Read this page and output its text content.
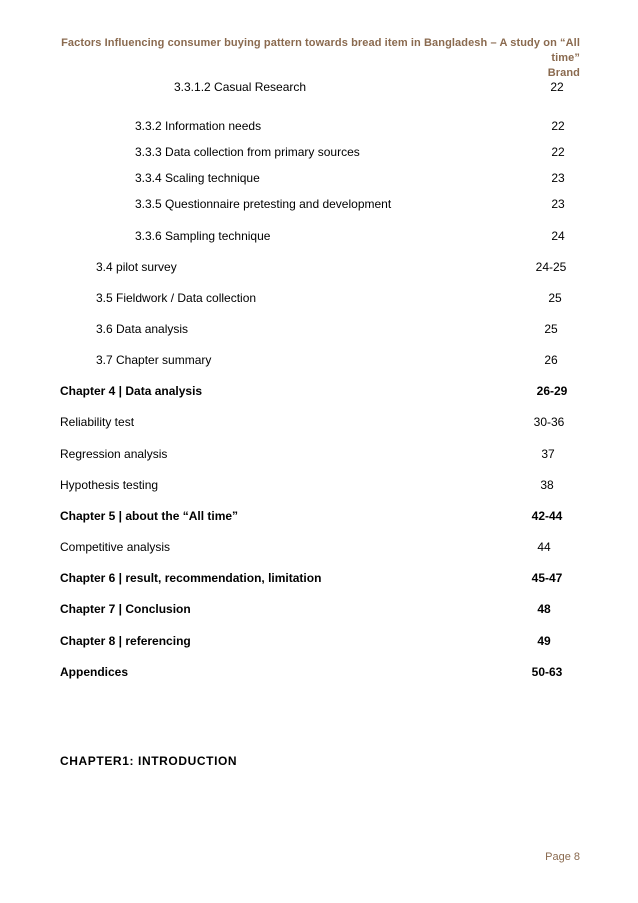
Factors Influencing consumer buying pattern towards bread item in Bangladesh – A study on “All time”
Brand
3.3.1.2 Casual Research	22
3.3.2 Information needs	22
3.3.3 Data collection from primary sources	22
3.3.4 Scaling technique	23
3.3.5 Questionnaire pretesting and development	23
3.3.6 Sampling technique	24
3.4 pilot survey	24-25
3.5 Fieldwork / Data collection	25
3.6 Data analysis	25
3.7 Chapter summary	26
Chapter 4 | Data analysis	26-29
Reliability test	30-36
Regression analysis	37
Hypothesis testing	38
Chapter 5 | about the “All time”	42-44
Competitive analysis	44
Chapter 6 | result, recommendation, limitation	45-47
Chapter 7 | Conclusion	48
Chapter 8 | referencing	49
Appendices	50-63
CHAPTER1: INTRODUCTION
Page 8
